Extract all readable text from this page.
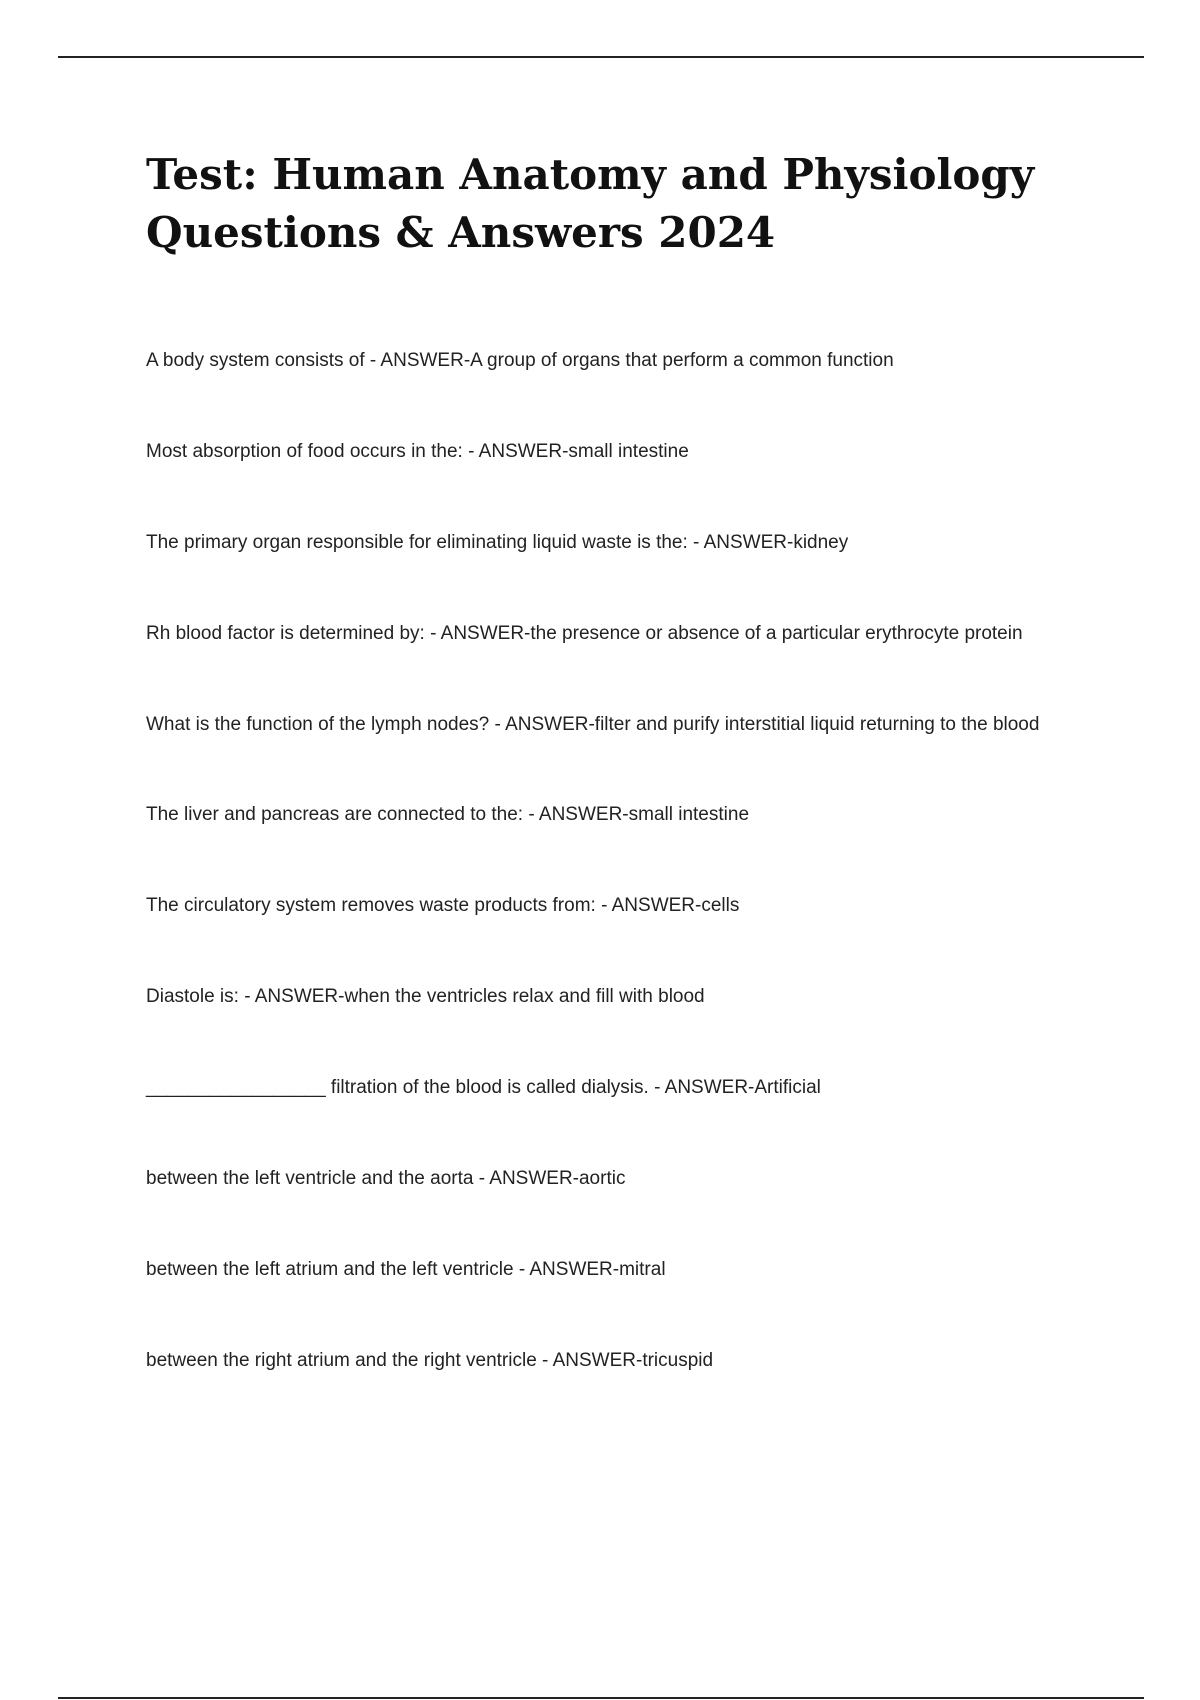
Test: Human Anatomy and Physiology
Questions & Answers 2024
A body system consists of - ANSWER-A group of organs that perform a common function
Most absorption of food occurs in the: - ANSWER-small intestine
The primary organ responsible for eliminating liquid waste is the: - ANSWER-kidney
Rh blood factor is determined by: - ANSWER-the presence or absence of a particular erythrocyte protein
What is the function of the lymph nodes? - ANSWER-filter and purify interstitial liquid returning to the blood
The liver and pancreas are connected to the: - ANSWER-small intestine
The circulatory system removes waste products from: - ANSWER-cells
Diastole is: - ANSWER-when the ventricles relax and fill with blood
_________________ filtration of the blood is called dialysis. - ANSWER-Artificial
between the left ventricle and the aorta - ANSWER-aortic
between the left atrium and the left ventricle - ANSWER-mitral
between the right atrium and the right ventricle - ANSWER-tricuspid
